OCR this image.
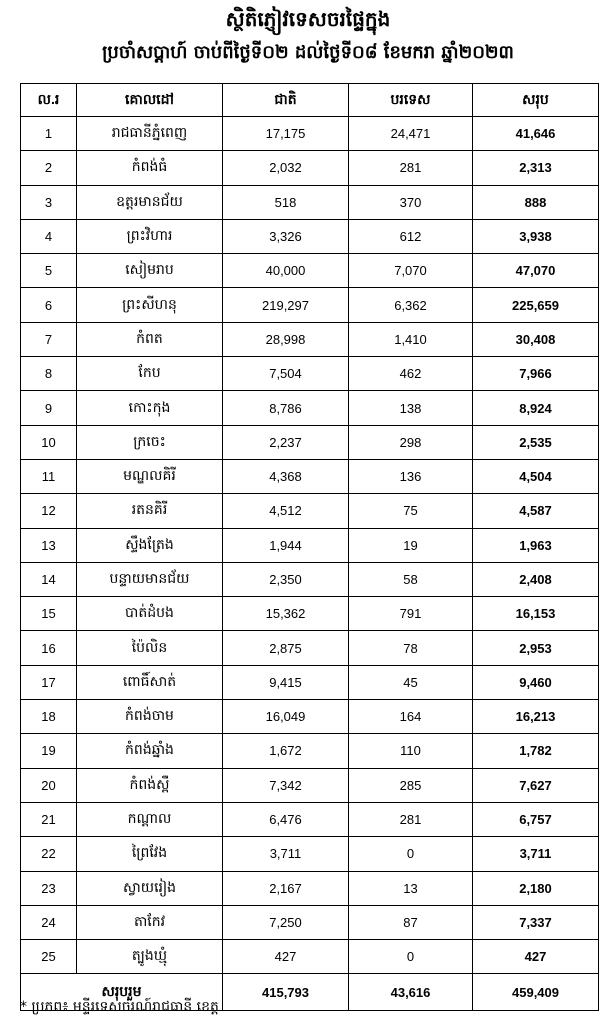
ស្ថិតិភ្ញៀវទេសចរផ្ទៃក្នុង
ប្រចាំសប្តាហ៍ ចាប់ពីថ្ងៃទី០២ ដល់ថ្ងៃទី០៨ ខែមករា ឆ្នាំ២០២៣
ល.រ	គោលដៅ	ជាតិ	បរទេស	សរុប
1	រាជធានីភ្នំពេញ	17,175	24,471	41,646
2	កំពង់ធំ	2,032	281	2,313
3	ឧត្តរមានជ័យ	518	370	888
4	ព្រះវិហារ	3,326	612	3,938
5	សៀមរាប	40,000	7,070	47,070
6	ព្រះសីហនុ	219,297	6,362	225,659
7	កំពត	28,998	1,410	30,408
8	កែប	7,504	462	7,966
9	កោះកុង	8,786	138	8,924
10	ក្រចេះ	2,237	298	2,535
11	មណ្ឌលគិរី	4,368	136	4,504
12	រតនគិរី	4,512	75	4,587
13	ស្ទឹងត្រែង	1,944	19	1,963
14	បន្ទាយមានជ័យ	2,350	58	2,408
15	បាត់ដំបង	15,362	791	16,153
16	ប៉ៃលិន	2,875	78	2,953
17	ពោធិ៍សាត់	9,415	45	9,460
18	កំពង់ចាម	16,049	164	16,213
19	កំពង់ឆ្នាំង	1,672	110	1,782
20	កំពង់ស្ពឺ	7,342	285	7,627
21	កណ្តាល	6,476	281	6,757
22	ព្រៃវែង	3,711	0	3,711
23	ស្វាយរៀង	2,167	13	2,180
24	តាកែវ	7,250	87	7,337
25	ត្បូងឃ្មុំ	427	0	427
សរុបរួម		415,793	43,616	459,409
* ប្រភព៖ មន្ទីរទេសចរណ៍រាជធានី ខេត្ត
